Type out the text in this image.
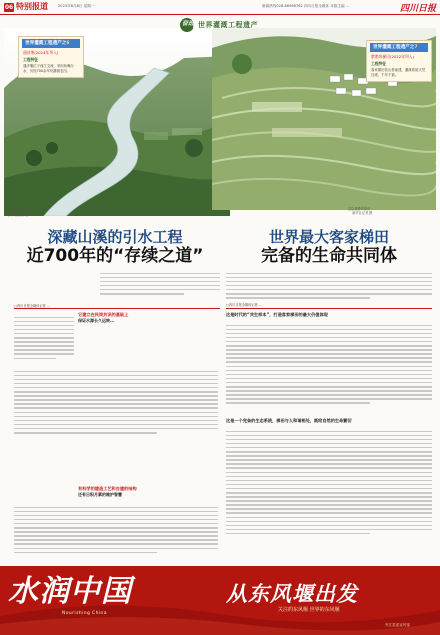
06 特别报道	2023年6月8日 星期一	新闻热线028-86968762 四川日报全媒体 本版主编 ...	四川日报
奋进 世界灌溉工程遗产
世界灌溉工程遗产之6
通济堰(2024年列入)
工程特征
通济堰位于西江支流，采用鱼嘴分水，历经700余年仍灌溉农田。
世界灌溉工程遗产之7
紫鹊界梯田(2022年列入)
工程特征
客家梯田依山势而建，灌溉系统天然自流，千年不衰。
蜿蜒流淌的古堰
新华社记者 摄
层层叠叠的梯田
新华社记者 摄
深藏山溪的引水工程
近700年的“存续之道”
世界最大客家梯田
完备的生命共同体
□四川日报全媒体记者 ...
它建立在民间共识的基础上
保证水源长久运转...
有科学的建造工艺和自建的结构
还有日积月累的维护智慧
□四川日报全媒体记者 ...
这是时代的“共生样本”，打造客家梯田的最大价值体现
这是一个完备的生态系统，梯田与人和谐相处，既给自然的生命繁衍
水润中国
Nourishing China
从东风堰出发
关注的东风堰 世界的东风堰
夹江县委宣传部
